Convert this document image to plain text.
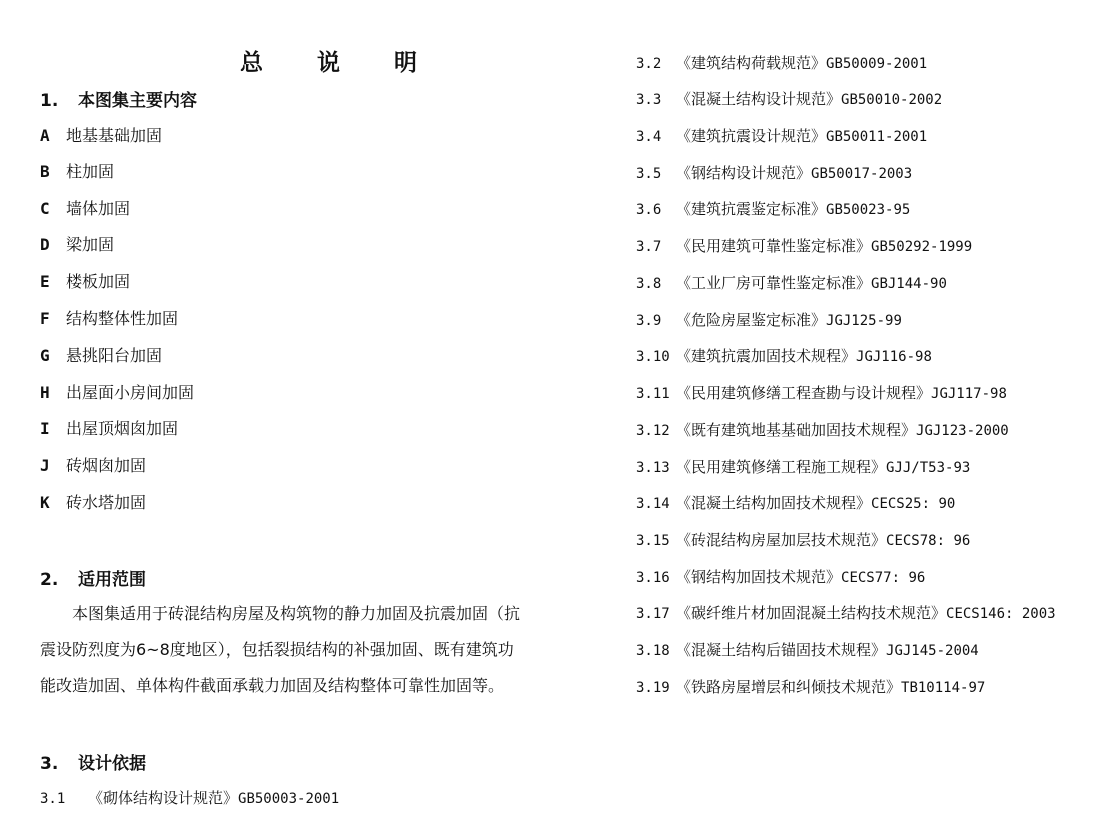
总 说 明
1. 本图集主要内容
A 地基基础加固
B 柱加固
C 墙体加固
D 梁加固
E 楼板加固
F 结构整体性加固
G 悬挑阳台加固
H 出屋面小房间加固
I 出屋顶烟囱加固
J 砖烟囱加固
K 砖水塔加固
2. 适用范围

本图集适用于砖混结构房屋及构筑物的静力加固及抗震加固（抗
震设防烈度为6~8度地区），包括裂损结构的补强加固、既有建筑功
能改造加固、单体构件截面承载力加固及结构整体可靠性加固等。

3. 设计依据
3.1 《砌体结构设计规范》GB50003-2001
3.2 《建筑结构荷载规范》GB50009-2001
3.3 《混凝土结构设计规范》GB50010-2002
3.4 《建筑抗震设计规范》GB50011-2001
3.5 《钢结构设计规范》GB50017-2003
3.6 《建筑抗震鉴定标准》GB50023-95
3.7 《民用建筑可靠性鉴定标准》GB50292-1999
3.8 《工业厂房可靠性鉴定标准》GBJ144-90
3.9 《危险房屋鉴定标准》JGJ125-99
3.10 《建筑抗震加固技术规程》JGJ116-98
3.11 《民用建筑修缮工程查勘与设计规程》JGJ117-98
3.12 《既有建筑地基基础加固技术规程》JGJ123-2000
3.13 《民用建筑修缮工程施工规程》GJJ/T53-93
3.14 《混凝土结构加固技术规程》CECS25: 90
3.15 《砖混结构房屋加层技术规范》CECS78: 96
3.16 《钢结构加固技术规范》CECS77: 96
3.17 《碳纤维片材加固混凝土结构技术规范》CECS146: 2003
3.18 《混凝土结构后锚固技术规程》JGJ145-2004
3.19 《铁路房屋增层和纠倾技术规范》TB10114-97
